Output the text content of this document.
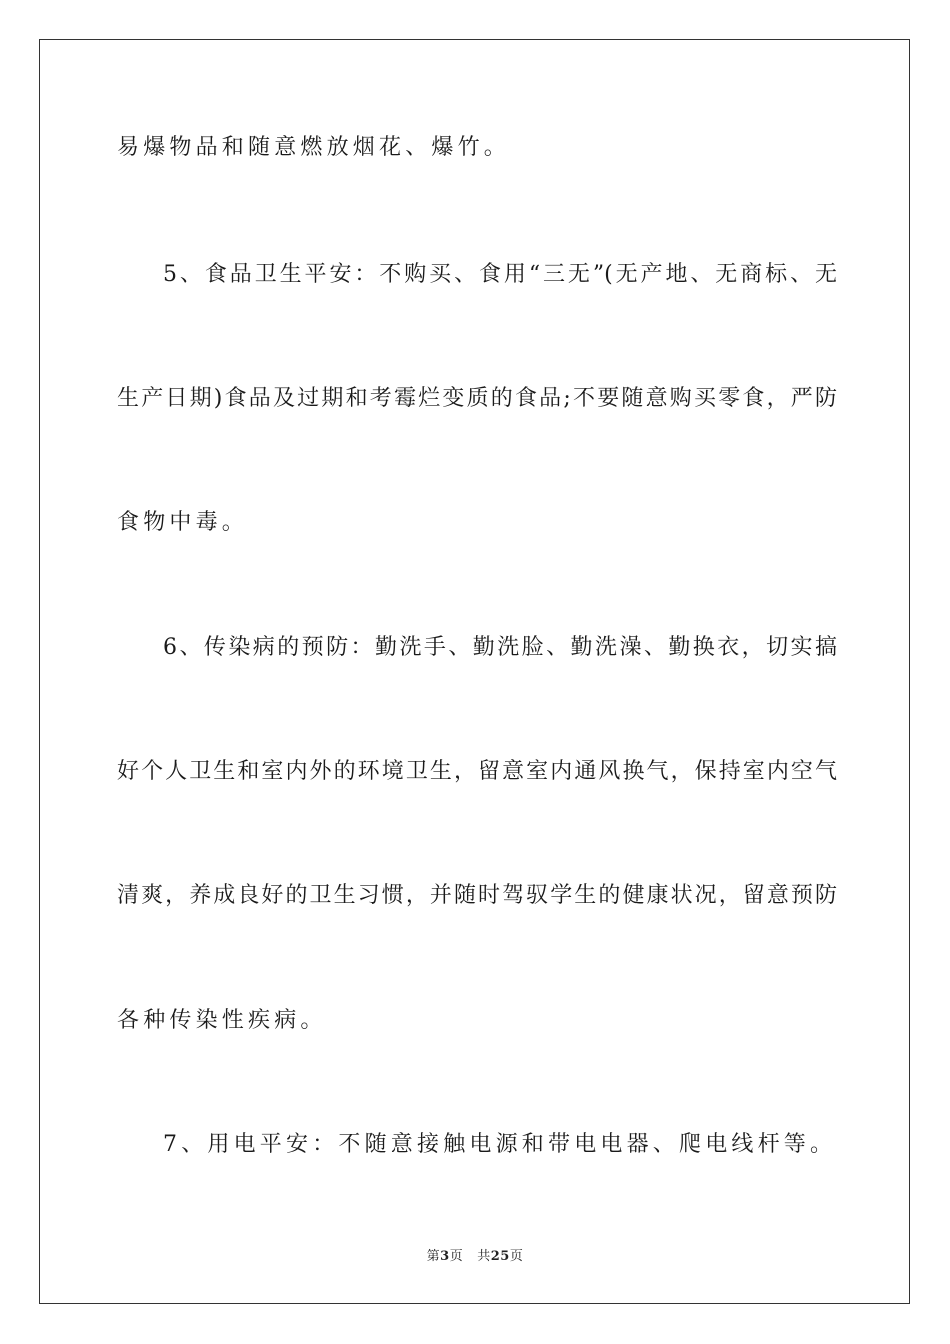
易爆物品和随意燃放烟花、爆竹。
5、食品卫生平安：不购买、食用“三无”(无产地、无商标、无
生产日期)食品及过期和考霉烂变质的食品;不要随意购买零食，严防
食物中毒。
6、传染病的预防：勤洗手、勤洗脸、勤洗澡、勤换衣，切实搞
好个人卫生和室内外的环境卫生，留意室内通风换气，保持室内空气
清爽，养成良好的卫生习惯，并随时驾驭学生的健康状况，留意预防
各种传染性疾病。
7、用电平安：不随意接触电源和带电电器、爬电线杆等。
第3页 共25页
